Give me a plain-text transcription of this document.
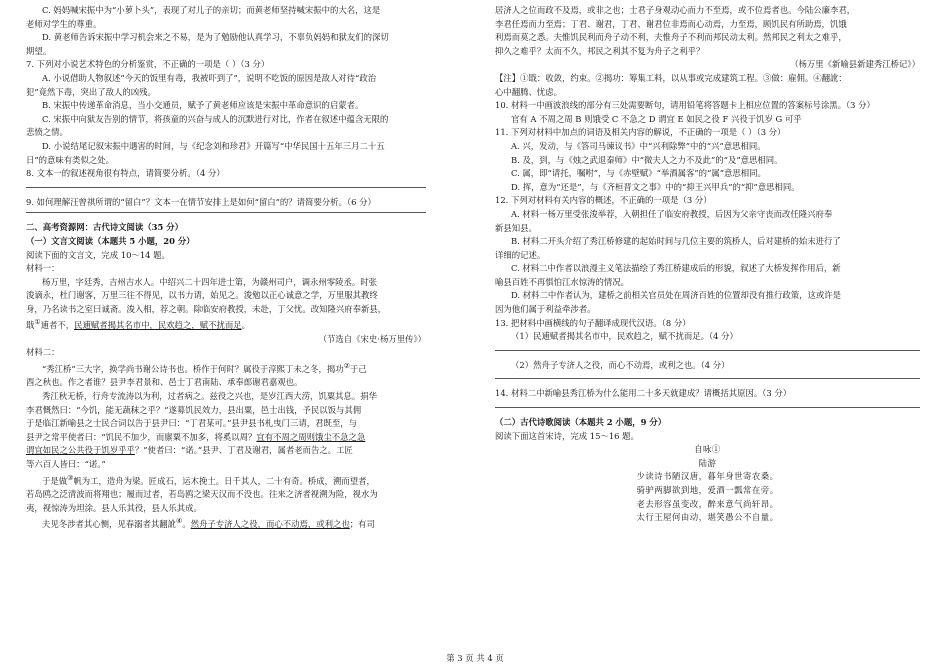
C. 妈妈喊宋振中为“小萝卜头”，表现了对儿子的亲切；而黄老师坚持喊宋振中的大名，这是

老师对学生的尊重。

D. 黄老师告诉宋振中学习机会来之不易，是为了勉励他认真学习，不辜负妈妈和狱友们的深切

期望。

7. 下列对小说艺术特色的分析鉴赏，不正确的一项是（ ）（3 分）

A. 小说借助人物叙述“今天的饭里有毒，我被吓到了”，说明不吃饭的原因是敌人对待“政治

犯”竟然下毒，突出了敌人的凶残。

B. 宋振中传递革命消息，当小交通员，赋予了黄老师应该是宋振中革命意识的启蒙者。

C. 宋振中向狱友告别的情节，将孩童的兴奋与成人的沉默进行对比，作者在叙述中蕴含无限的

悲愤之情。

D. 小说结尾记叙宋振中遇害的时间，与《纪念刘和珍君》开篇写“中华民国十五年三月二十五

日”的意味有类似之处。

8. 文本一的叙述视角很有特点，请简要分析。（4 分）

9. 如何理解汪曾祺所谓的“留白”？文本一在情节安排上是如何“留白”的？请简要分析。（6 分）

二、高考资源网：古代诗文阅读（35 分）

（一）文言文阅读（本题共 5 小题，20 分）

阅读下面的文言文，完成 10～14 题。

材料一：

杨万里，字廷秀，吉州吉水人。中绍兴二十四年进士第，为赣州司户，调永州零陵丞。时张

浚谪永，杜门谢客，万里三往不得见，以书力请，始见之。浚勉以正心诚意之学，万里服其教终

身，乃名读书之室曰诚斋。浚入相，荐之朝。除临安府教授，未赴，丁父忧。改知隆兴府奉新县，

戢①逋者不，民逋赋者揭其名市中，民欢趋之，赋不扰而足。

（节选自《宋史·杨万里传》）

材料二：

“秀江桥”三大字，换学尚书谢公诗书也。桥作于何时？属役于淳熙丁未之冬，揭功②于己

酉之秋也。作之者谁？县尹李君景和、邑士丁君南陆、承奉郎谢君嘉观也。

秀江秋无桥，行舟专流涛以为利，过者病之。兹役之兴也，是岁江西大涝，饥粟其息。捐华

李君慨然曰：“今饥，能无蔬秣之乎？”遂募饥民效力，县出粟，邑士出钱，予民以饭与其佣

于是临江新喻县之士民合词以告于县尹曰：“丁君某可。”县尹县书札曳门三请，君既至，与

县尹之常平使者曰：“饥民不加少，而廪粟不加多，将奚以周？宜有不周之周则饿尘不急之急

谓宜如民之公共役于饥岁乎乎？”使者曰：“诺。”县尹、丁君及谢君，属者老而告之。工匠

等六百人皆曰：“诺。”

于是做③帆为工，造舟为梁。匠成石，运木挽土。日千其人，二十有奇。桥成，溯而望者，

若岛鸥之泛清波而将翔也；履而过者，若岛鸥之梁天汉而不没也。往来之济者视溯为险，视水为

夷，视惊涛为坦涂。县人乐其役，县人乐其成。

夫见冬涉者其心恻，见春溺者其翻訛④。然舟子专济人之役，而心不动焉，或利之也；有司

居济人之位而政不及焉，或非之也；士君子身观动心而力不至焉，或不位焉者也。今陆公廉李君，

李君任焉而力至焉；丁君、谢君，丁君、谢君位非焉而心动焉，力至焉，顾饥民有所助焉，饥饿

利焉而莫之悉。夫惟饥民利而舟子动不利，夫惟舟子不利而邦民动太利。然邦民之利太之难乎，

抑久之难乎？太而不久，邦民之利其不复为舟子之利乎？

（杨万里《新喻县新建秀江桥记》）

【注】①戢：收敛，约束。②揭功：筹集工料，以从事或完成建筑工程。③做：雇佣。④翻訛：

心中翻腾、忧虑。

10. 材料一中画波浪线的部分有三处需要断句，请用铅笔将答题卡上相应位置的答案标号涂黑。（3 分）

官有 A 不周之周 B 则饿受 C 不急之 D 谓宜 E 如民之役 F 兴役于饥岁 G 可乎

11. 下列对材料中加点的词语及相关内容的解说，不正确的一项是（ ）（3 分）

A. 兴，发动，与《答司马谏议书》中“兴利除弊”中的“兴”意思相同。

B. 及，到，与《烛之武退秦师》中“微夫人之力不及此”的“及”意思相同。

C. 属，即“请托，嘱咐”，与《赤壁赋》“举酒属客”的“属”意思相同。

D. 挥，意为“还是”，与《齐桓晋文之事》中的“抑王兴甲兵”的“抑”意思相同。

12. 下列对材料有关内容的概述，不正确的一项是（3 分）

A. 材料一杨万里受张浚举荐，入朝担任了临安府教授，后因为父亲守丧而改任隆兴府奉

新县知县。

B. 材料二开头介绍了秀江桥修建的起始时间与几位主要的筑桥人，后对建桥的始末进行了

详细的记述。

C. 材料二中作者以浪漫主义笔法描绘了秀江桥建成后的形貌，叙述了大桥发挥作用后，新

喻县百姓不再惧怕江水惊涛的情况。

D. 材料二中作者认为，建桥之前相关官员处在周济百姓的位置却没有推行政策，这或许是

因为他们属于利益牵涉者。

13. 把材料中画横线的句子翻译成现代汉语。（8 分）

（1）民逋赋者揭其名市中，民欢趋之，赋不扰而足。（4 分）

（2）然舟子专济人之役，而心不动焉，或利之也。（4 分）

14. 材料二中新喻县秀江桥为什么能用二十多天就建成？请概括其原因。（3 分）

（二）古代诗歌阅读（本题共 2 小题，9 分）

阅读下面这首宋诗，完成 15～16 题。

自咏①

陆游

少读诗书陋汉唐，暮年身世寄农桑。

骑驴两脚欲到地，爱酒一瓢常在旁。

老去形容虽变改，醉来意气尚轩昂。

太行王屋何由动，堪笑愚公不自量。

第 3 页 共 4 页
